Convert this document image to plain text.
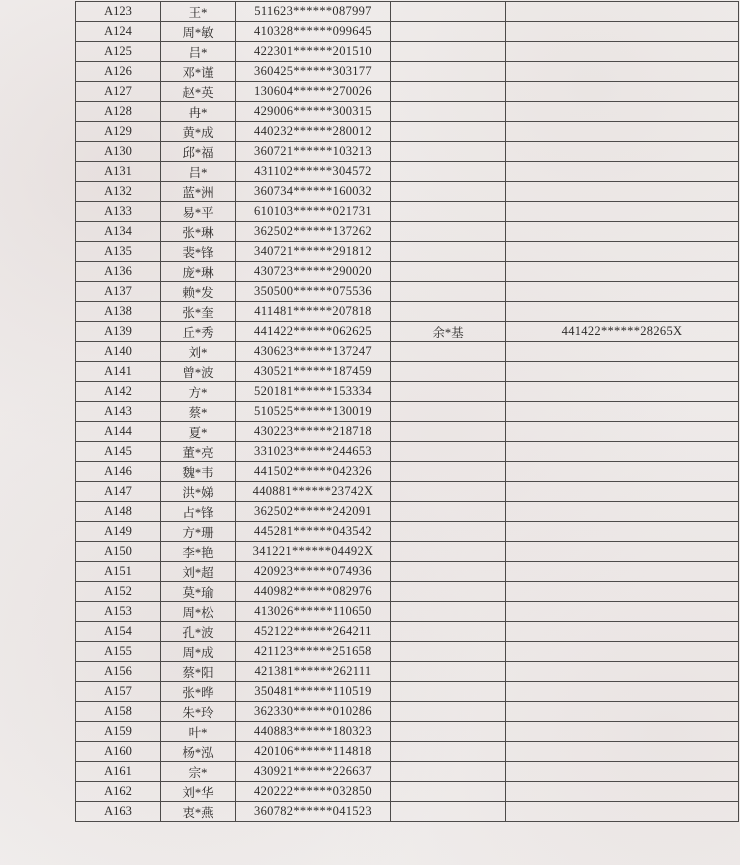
A123	王*	511623******087997		
A124	周*敏	410328******099645		
A125	吕*	422301******201510		
A126	邓*谨	360425******303177		
A127	赵*英	130604******270026		
A128	冉*	429006******300315		
A129	黄*成	440232******280012		
A130	邱*福	360721******103213		
A131	吕*	431102******304572		
A132	蓝*洲	360734******160032		
A133	易*平	610103******021731		
A134	张*琳	362502******137262		
A135	裴*锋	340721******291812		
A136	庞*琳	430723******290020		
A137	赖*发	350500******075536		
A138	张*奎	411481******207818		
A139	丘*秀	441422******062625	余*基	441422******28265X
A140	刘*	430623******137247		
A141	曾*波	430521******187459		
A142	方*	520181******153334		
A143	蔡*	510525******130019		
A144	夏*	430223******218718		
A145	董*亮	331023******244653		
A146	魏*韦	441502******042326		
A147	洪*娣	440881******23742X		
A148	占*锋	362502******242091		
A149	方*珊	445281******043542		
A150	李*艳	341221******04492X		
A151	刘*超	420923******074936		
A152	莫*瑜	440982******082976		
A153	周*松	413026******110650		
A154	孔*波	452122******264211		
A155	周*成	421123******251658		
A156	蔡*阳	421381******262111		
A157	张*晔	350481******110519		
A158	朱*玲	362330******010286		
A159	叶*	440883******180323		
A160	杨*泓	420106******114818		
A161	宗*	430921******226637		
A162	刘*华	420222******032850		
A163	衷*燕	360782******041523		
